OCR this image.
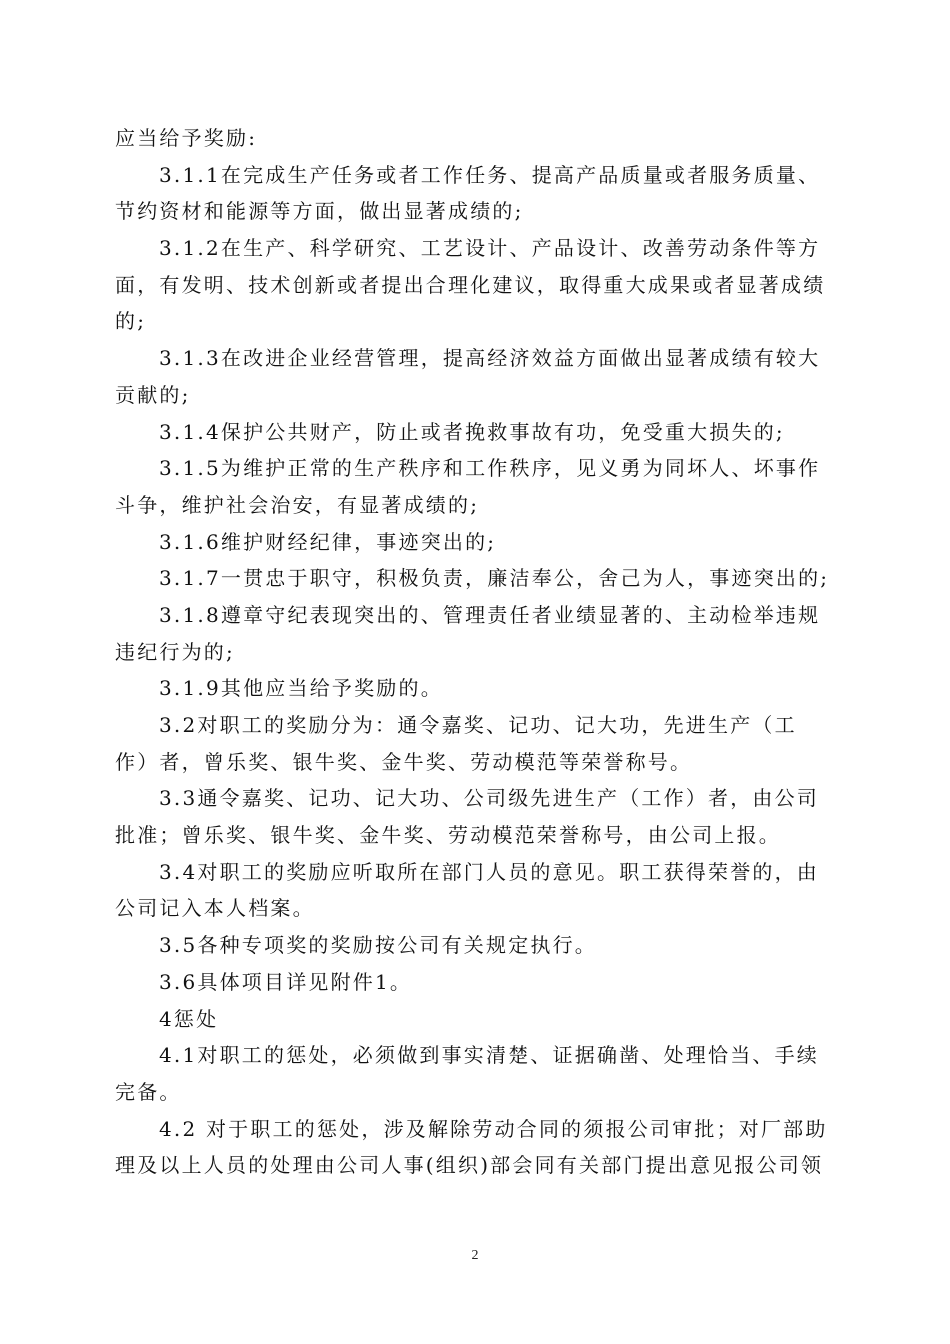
应当给予奖励:
3.1.1在完成生产任务或者工作任务、提高产品质量或者服务质量、
节约资材和能源等方面，做出显著成绩的;
3.1.2在生产、科学研究、工艺设计、产品设计、改善劳动条件等方
面，有发明、技术创新或者提出合理化建议，取得重大成果或者显著成绩
的;
3.1.3在改进企业经营管理，提高经济效益方面做出显著成绩有较大
贡献的;
3.1.4保护公共财产，防止或者挽救事故有功，免受重大损失的;
3.1.5为维护正常的生产秩序和工作秩序，见义勇为同坏人、坏事作
斗争，维护社会治安，有显著成绩的;
3.1.6维护财经纪律，事迹突出的;
3.1.7一贯忠于职守，积极负责，廉洁奉公，舍己为人，事迹突出的;
3.1.8遵章守纪表现突出的、管理责任者业绩显著的、主动检举违规
违纪行为的;
3.1.9其他应当给予奖励的。
3.2对职工的奖励分为：通令嘉奖、记功、记大功，先进生产（工
作）者，曾乐奖、银牛奖、金牛奖、劳动模范等荣誉称号。
3.3通令嘉奖、记功、记大功、公司级先进生产（工作）者，由公司
批准；曾乐奖、银牛奖、金牛奖、劳动模范荣誉称号，由公司上报。
3.4对职工的奖励应听取所在部门人员的意见。职工获得荣誉的，由
公司记入本人档案。
3.5各种专项奖的奖励按公司有关规定执行。
3.6具体项目详见附件1。
4惩处
4.1对职工的惩处，必须做到事实清楚、证据确凿、处理恰当、手续
完备。
4.2 对于职工的惩处，涉及解除劳动合同的须报公司审批；对厂部助
理及以上人员的处理由公司人事(组织)部会同有关部门提出意见报公司领
2
